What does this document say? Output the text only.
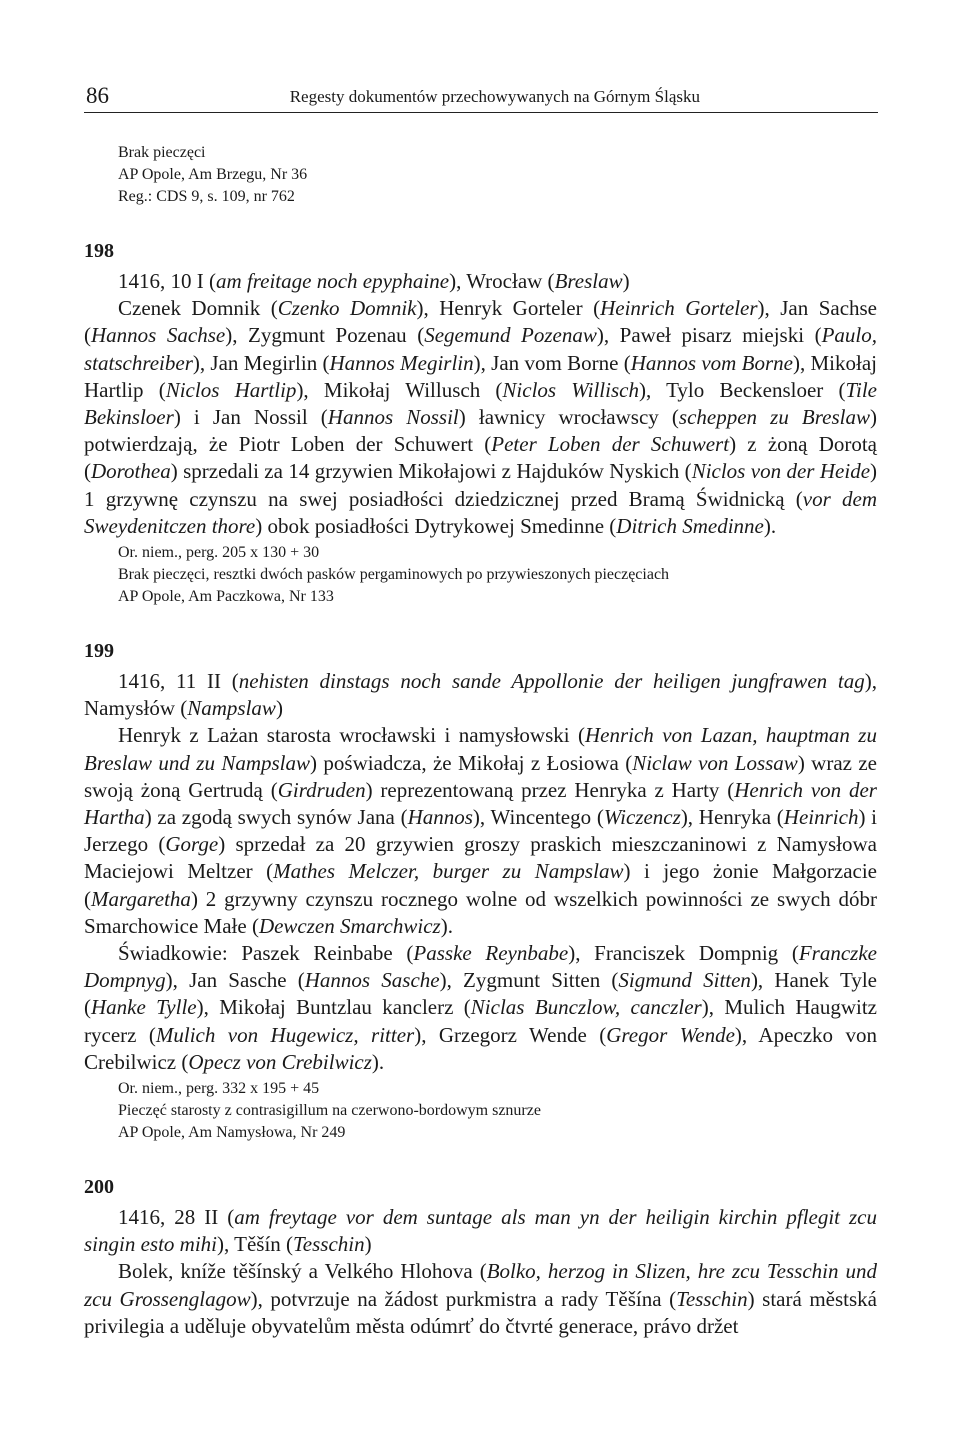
86	Regesty dokumentów przechowywanych na Górnym Śląsku
Brak pieczęci
AP Opole, Am Brzegu, Nr 36
Reg.: CDS 9, s. 109, nr 762
198

1416, 10 I (am freitage noch epyphaine), Wrocław (Breslaw)

Czenek Domnik (Czenko Domnik), Henryk Gorteler (Heinrich Gorteler), Jan Sachse (Hannos Sachse), Zygmunt Pozenau (Segemund Pozenaw), Paweł pisarz miejski (Paulo, statschreiber), Jan Megirlin (Hannos Megirlin), Jan vom Borne (Hannos vom Borne), Mikołaj Hartlip (Niclos Hartlip), Mikołaj Willusch (Niclos Willisch), Tylo Beckensloer (Tile Bekinsloer) i Jan Nossil (Hannos Nossil) ławnicy wrocławscy (scheppen zu Breslaw) potwierdzają, że Piotr Loben der Schuwert (Peter Loben der Schuwert) z żoną Dorotą (Dorothea) sprzedali za 14 grzywien Mikołajowi z Hajduków Nyskich (Niclos von der Heide) 1 grzywnę czynszu na swej posiadłości dziedzicznej przed Bramą Świdnicką (vor dem Sweydenitczen thore) obok posiadłości Dytrykowej Smedinne (Ditrich Smedinne).

Or. niem., perg. 205 x 130 + 30
Brak pieczęci, resztki dwóch pasków pergaminowych po przywieszonych pieczęciach
AP Opole, Am Paczkowa, Nr 133
199

1416, 11 II (nehisten dinstags noch sande Appollonie der heiligen jungfrawen tag), Namysłów (Nampslaw)

Henryk z Lażan starosta wrocławski i namysłowski (Henrich von Lazan, hauptman zu Breslaw und zu Nampslaw) poświadcza, że Mikołaj z Łosiowa (Niclaw von Lossaw) wraz ze swoją żoną Gertrudą (Girdruden) reprezentowaną przez Henryka z Harty (Henrich von der Hartha) za zgodą swych synów Jana (Hannos), Wincentego (Wiczencz), Henryka (Heinrich) i Jerzego (Gorge) sprzedał za 20 grzywien groszy praskich mieszczaninowi z Namysłowa Maciejowi Meltzer (Mathes Melczer, burger zu Nampslaw) i jego żonie Małgorzacie (Margaretha) 2 grzywny czynszu rocznego wolne od wszelkich powinności ze swych dóbr Smarchowice Małe (Dewczen Smarchwicz).

Świadkowie: Paszek Reinbabe (Passke Reynbabe), Franciszek Dompnig (Franczke Dompnyg), Jan Sasche (Hannos Sasche), Zygmunt Sitten (Sigmund Sitten), Hanek Tyle (Hanke Tylle), Mikołaj Buntzlau kanclerz (Niclas Bunczlow, canczler), Mulich Haugwitz rycerz (Mulich von Hugewicz, ritter), Grzegorz Wende (Gregor Wende), Apeczko von Crebilwicz (Opecz von Crebilwicz).

Or. niem., perg. 332 x 195 + 45
Pieczęć starosty z contrasigillum na czerwono-bordowym sznurze
AP Opole, Am Namysłowa, Nr 249
200

1416, 28 II (am freytage vor dem suntage als man yn der heiligin kirchin pflegit zcu singin esto mihi), Těšín (Tesschin)

Bolek, kníže těšínský a Velkého Hlohova (Bolko, herzog in Slizen, hre zcu Tesschin und zcu Grossenglagow), potvrzuje na žádost purkmistra a rady Těšína (Tesschin) stará městská privilegia a uděluje obyvatelům města odúmrť do čtvrté generace, právo držet
